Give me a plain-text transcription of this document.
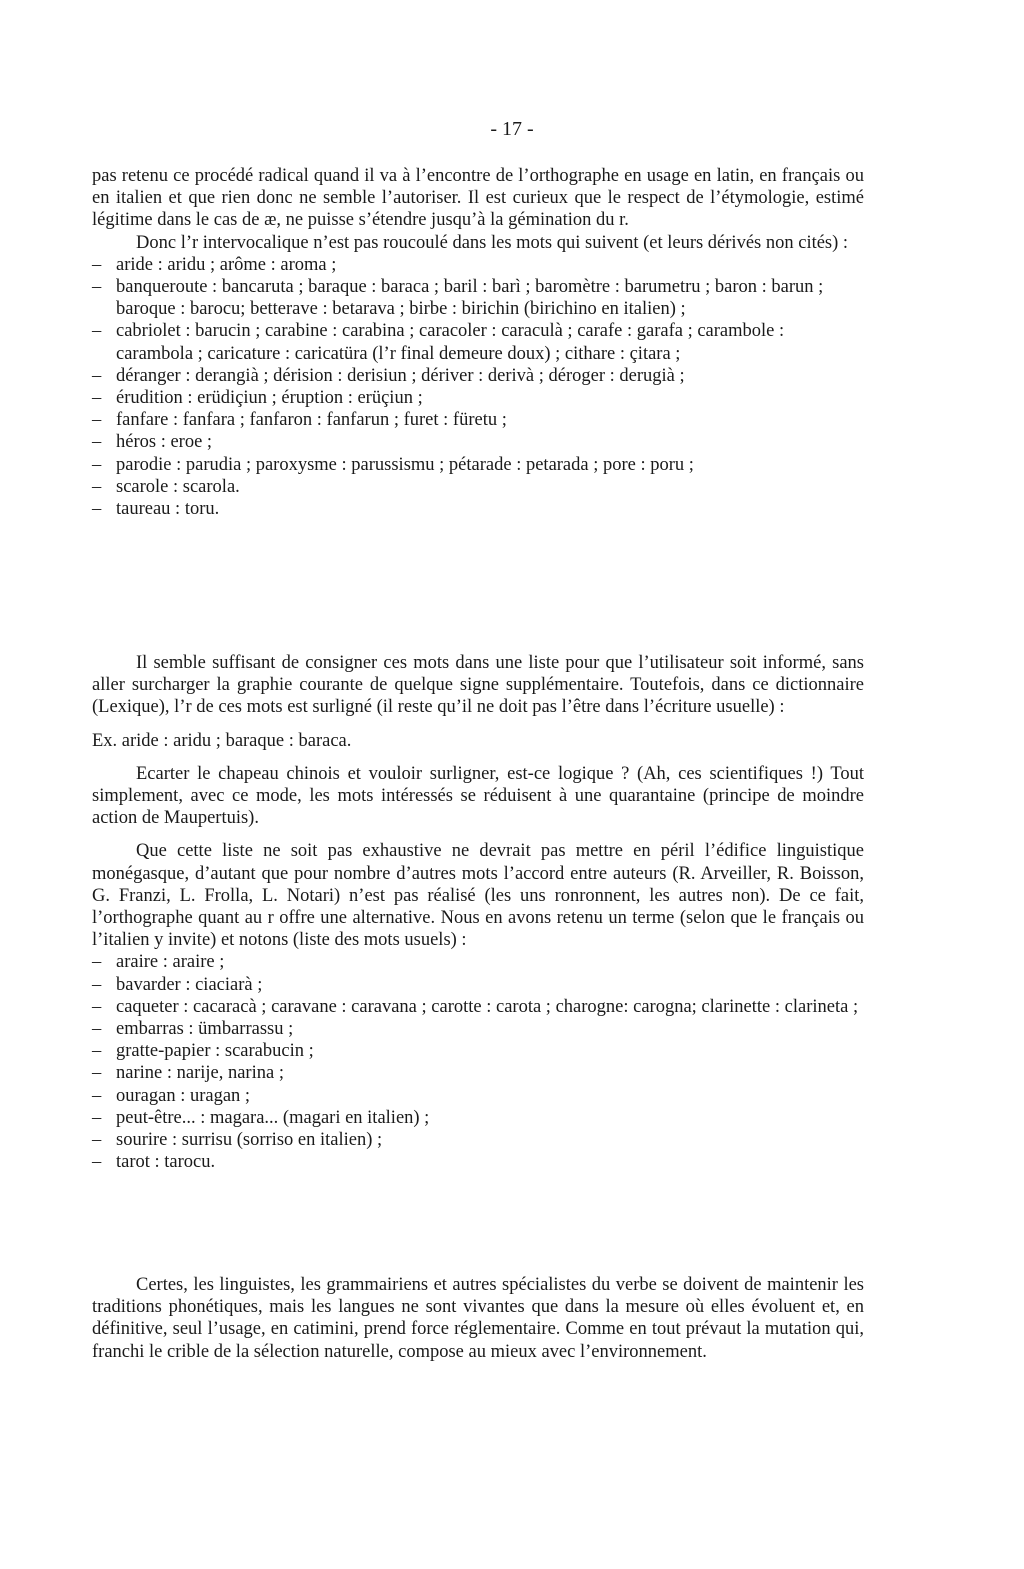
- 17 -

pas retenu ce procédé radical quand il va à l’encontre de l’orthographe en usage en latin, en français ou en italien et que rien donc ne semble l’autoriser. Il est curieux que le respect de l’étymologie, estimé légitime dans le cas de æ, ne puisse s’étendre jusqu’à la gémination du r.

Donc l’r intervocalique n’est pas roucoulé dans les mots qui suivent (et leurs dérivés non cités) :

– aride : aridu ; arôme : aroma ;
– banqueroute : bancaruta ; baraque : baraca ; baril : barì ; baromètre : barumetru ; baron : barun ; baroque : barocu; betterave : betarava ; birbe : birichin (birichino en italien) ;
– cabriolet : barucin ; carabine : carabina ; caracoler : caraculà ; carafe : garafa ; carambole : carambola ; caricature : caricatüra (l’r final demeure doux) ; cithare : çitara ;
– déranger : derangià ; dérision : derisiun ; dériver : derivà ; déroger : derugià ;
– érudition : erüdiçiun ; éruption : erüçiun ;
– fanfare : fanfara ; fanfaron : fanfarun ; furet : füretu ;
– héros : eroe ;
– parodie : parudia ; paroxysme : parussismu ; pétarade : petarada ; pore : poru ;
– scarole : scarola.
– taureau : toru.

Il semble suffisant de consigner ces mots dans une liste pour que l’utilisateur soit informé, sans aller surcharger la graphie courante de quelque signe supplémentaire. Toutefois, dans ce dictionnaire (Lexique), l’r de ces mots est surligné (il reste qu’il ne doit pas l’être dans l’écriture usuelle) :

Ex. aride : aridu ; baraque : baraca.

Ecarter le chapeau chinois et vouloir surligner, est-ce logique ? (Ah, ces scientifiques !) Tout simplement, avec ce mode, les mots intéressés se réduisent à une quarantaine (principe de moindre action de Maupertuis).

Que cette liste ne soit pas exhaustive ne devrait pas mettre en péril l’édifice linguistique monégasque, d’autant que pour nombre d’autres mots l’accord entre auteurs (R. Arveiller, R. Boisson, G. Franzi, L. Frolla, L. Notari) n’est pas réalisé (les uns ronronnent, les autres non). De ce fait, l’orthographe quant au r offre une alternative. Nous en avons retenu un terme (selon que le français ou l’italien y invite) et notons (liste des mots usuels) :

– araire : araire ;
– bavarder : ciaciarà ;
– caqueter : cacaracà ; caravane : caravana ; carotte : carota ; charogne: carogna; clarinette : clarineta ;
– embarras : ümbarrassu ;
– gratte-papier : scarabucin ;
– narine : narije, narina ;
– ouragan : uragan ;
– peut-être... : magara... (magari en italien) ;
– sourire : surrisu (sorriso en italien) ;
– tarot : tarocu.

Certes, les linguistes, les grammairiens et autres spécialistes du verbe se doivent de maintenir les traditions phonétiques, mais les langues ne sont vivantes que dans la mesure où elles évoluent et, en définitive, seul l’usage, en catimini, prend force réglementaire. Comme en tout prévaut la mutation qui, franchi le crible de la sélection naturelle, compose au mieux avec l’environnement.
